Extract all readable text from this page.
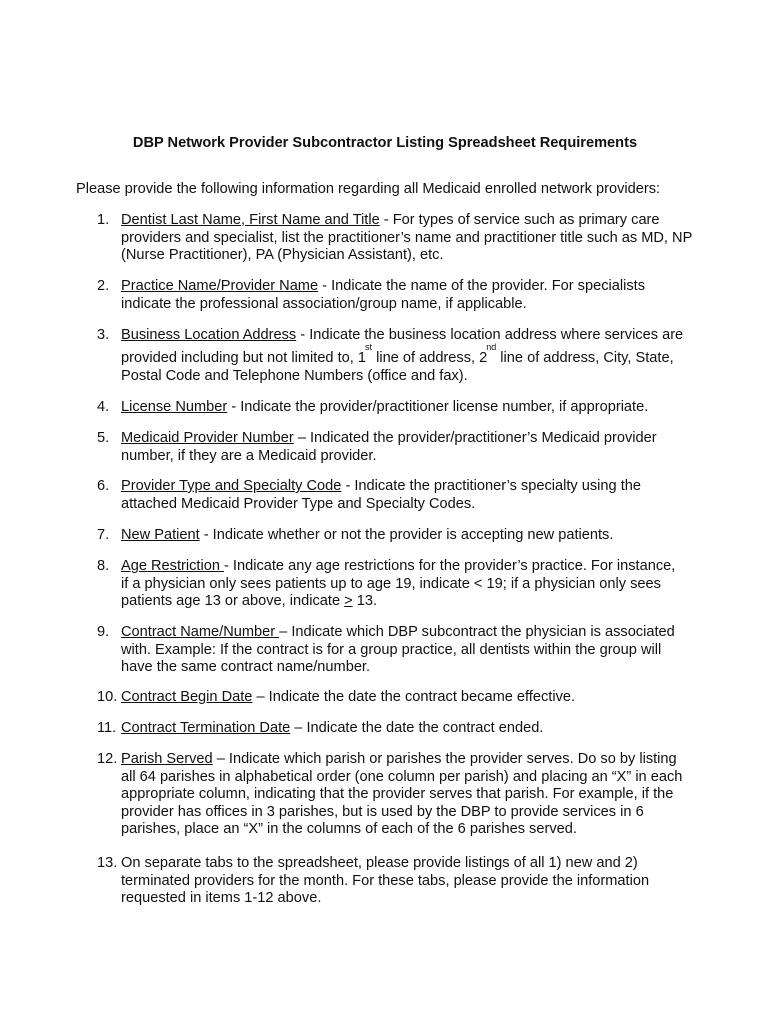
DBP Network Provider Subcontractor Listing Spreadsheet Requirements
Please provide the following information regarding all Medicaid enrolled network providers:
1. Dentist Last Name, First Name and Title - For types of service such as primary care
providers and specialist, list the practitioner’s name and practitioner title such as MD, NP
(Nurse Practitioner), PA (Physician Assistant), etc.
2. Practice Name/Provider Name - Indicate the name of the provider. For specialists
indicate the professional association/group name, if applicable.
3. Business Location Address - Indicate the business location address where services are
provided including but not limited to, 1st line of address, 2nd line of address, City, State,
Postal Code and Telephone Numbers (office and fax).
4. License Number - Indicate the provider/practitioner license number, if appropriate.
5. Medicaid Provider Number – Indicated the provider/practitioner’s Medicaid provider
number, if they are a Medicaid provider.
6. Provider Type and Specialty Code - Indicate the practitioner’s specialty using the
attached Medicaid Provider Type and Specialty Codes.
7. New Patient - Indicate whether or not the provider is accepting new patients.
8. Age Restriction - Indicate any age restrictions for the provider’s practice. For instance,
if a physician only sees patients up to age 19, indicate < 19; if a physician only sees
patients age 13 or above, indicate ≥ 13.
9. Contract Name/Number – Indicate which DBP subcontract the physician is associated
with. Example: If the contract is for a group practice, all dentists within the group will
have the same contract name/number.
10. Contract Begin Date – Indicate the date the contract became effective.
11. Contract Termination Date – Indicate the date the contract ended.
12. Parish Served – Indicate which parish or parishes the provider serves. Do so by listing
all 64 parishes in alphabetical order (one column per parish) and placing an “X” in each
appropriate column, indicating that the provider serves that parish. For example, if the
provider has offices in 3 parishes, but is used by the DBP to provide services in 6
parishes, place an “X” in the columns of each of the 6 parishes served.
13. On separate tabs to the spreadsheet, please provide listings of all 1) new and 2)
terminated providers for the month. For these tabs, please provide the information
requested in items 1-12 above.
